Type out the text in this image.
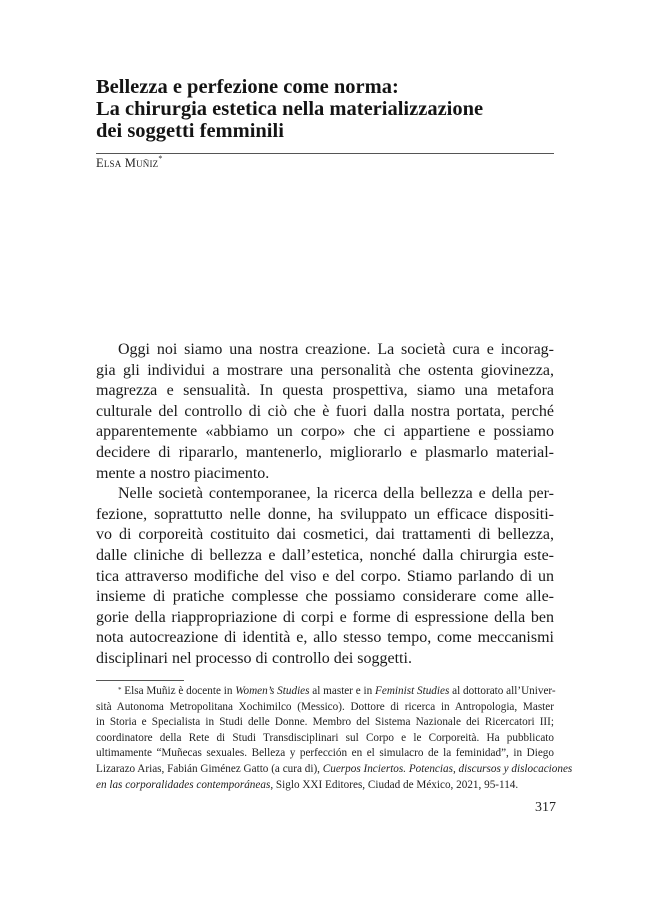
Bellezza e perfezione come norma:
La chirurgia estetica nella materializzazione
dei soggetti femminili
Elsa Muñiz*
Oggi noi siamo una nostra creazione. La società cura e incorag-
gia gli individui a mostrare una personalità che ostenta giovinezza,
magrezza e sensualità. In questa prospettiva, siamo una metafora
culturale del controllo di ciò che è fuori dalla nostra portata, perché
apparentemente «abbiamo un corpo» che ci appartiene e possiamo
decidere di ripararlo, mantenerlo, migliorarlo e plasmarlo material-
mente a nostro piacimento.
Nelle società contemporanee, la ricerca della bellezza e della per-
fezione, soprattutto nelle donne, ha sviluppato un efficace dispositi-
vo di corporeità costituito dai cosmetici, dai trattamenti di bellezza,
dalle cliniche di bellezza e dall’estetica, nonché dalla chirurgia este-
tica attraverso modifiche del viso e del corpo. Stiamo parlando di un
insieme di pratiche complesse che possiamo considerare come alle-
gorie della riappropriazione di corpi e forme di espressione della ben
nota autocreazione di identità e, allo stesso tempo, come meccanismi
disciplinari nel processo di controllo dei soggetti.
* Elsa Muñiz è docente in Women’s Studies al master e in Feminist Studies al dottorato all’Univer-
sità Autonoma Metropolitana Xochimilco (Messico). Dottore di ricerca in Antropologia, Master
in Storia e Specialista in Studi delle Donne. Membro del Sistema Nazionale dei Ricercatori III;
coordinatore della Rete di Studi Transdisciplinari sul Corpo e le Corporeità. Ha pubblicato
ultimamente “Muñecas sexuales. Belleza y perfección en el simulacro de la feminidad”, in Diego
Lizarazo Arias, Fabián Giménez Gatto (a cura di), Cuerpos Inciertos. Potencias, discursos y dislocaciones
en las corporalidades contemporáneas, Siglo XXI Editores, Ciudad de México, 2021, 95-114.
317
